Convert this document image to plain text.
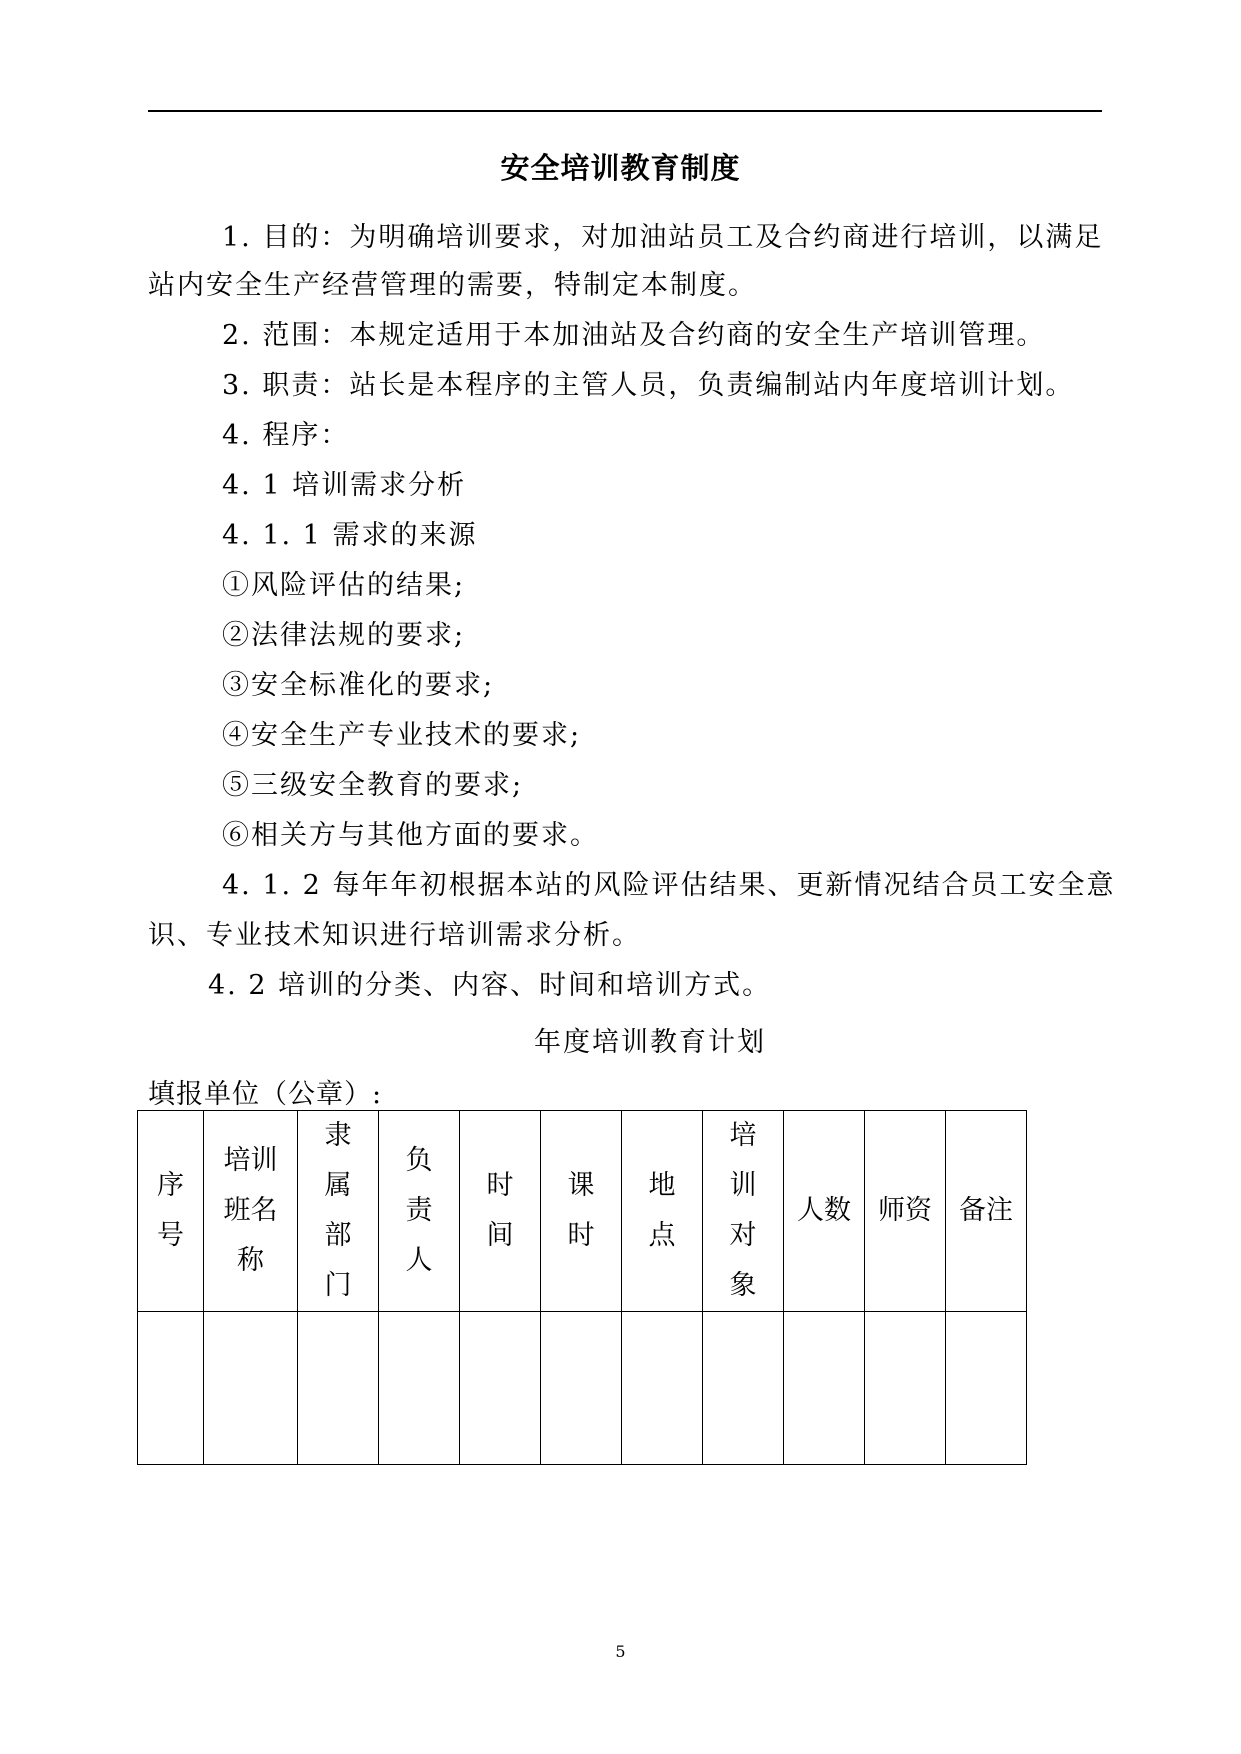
安全培训教育制度
1. 目的：为明确培训要求，对加油站员工及合约商进行培训，以满足
站内安全生产经营管理的需要，特制定本制度。
2. 范围：本规定适用于本加油站及合约商的安全生产培训管理。
3. 职责：站长是本程序的主管人员，负责编制站内年度培训计划。
4. 程序：
4. 1 培训需求分析
4. 1. 1 需求的来源
①风险评估的结果;
②法律法规的要求;
③安全标准化的要求;
④安全生产专业技术的要求;
⑤三级安全教育的要求;
⑥相关方与其他方面的要求。
4. 1. 2 每年年初根据本站的风险评估结果、更新情况结合员工安全意
识、专业技术知识进行培训需求分析。
4. 2 培训的分类、内容、时间和培训方式。
年度培训教育计划
填报单位（公章）:
序号	培训班名称	隶属部门	负责人	时间	课时	地点	培训对象	人数	师资	备注

5
